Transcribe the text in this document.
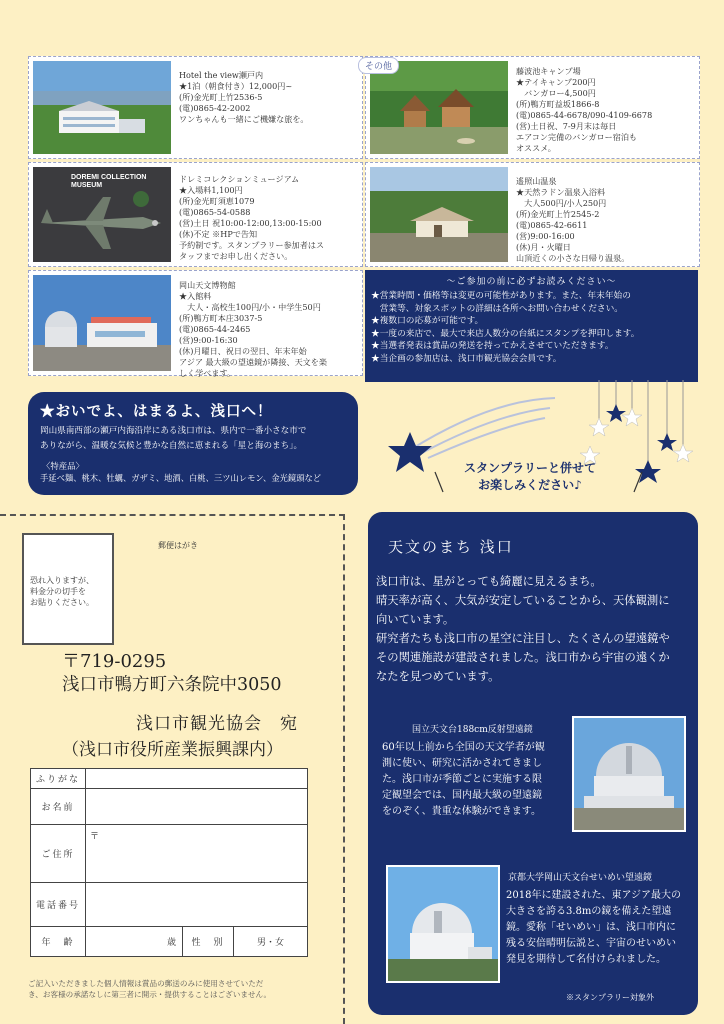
その他
Hotel the view瀬戸内
★1泊（朝食付き）12,000円~
(所)金光町上竹2536-5
(電)0865-42-2002
ワンちゃんも一緒にご機嫌な旅を。
藤波池キャンプ場
★テイキャンプ200円
　バンガロー4,500円
(所)鴨方町益坂1866-8
(電)0865-44-6678/090-4109-6678
(営)土日祝、7-9月末は毎日
エアコン完備のバンガロー宿泊も
オススメ。
DOREMI COLLECTION
MUSEUM
ドレミコレクションミュージアム
★入場料1,100円
(所)金光町須恵1079
(電)0865-54-0588
(営)土日 祝10:00-12:00,13:00-15:00
(休)不定 ※HPで告知
予約制です。スタンプラリー参加者はス
タッフまでお申し出ください。
遙照山温泉
★天然ラドン温泉入浴料
　大人500円/小人250円
(所)金光町上竹2545-2
(電)0865-42-6611
(営)9:00-16:00
(休)月・火曜日
山頂近くの小さな日帰り温泉。
岡山天文博物館
★入館料
　大人・高校生100円/小・中学生50円
(所)鴨方町本庄3037-5
(電)0865-44-2465
(営)9:00-16:30
(休)月曜日、祝日の翌日、年末年始
アジア 最大級の望遠鏡が隣接、天文を楽
しく学べます。
～ご参加の前に必ずお読みください～
★営業時間・価格等は変更の可能性があります。また、年末年始の
　営業等、対象スポットの詳細は各所へお問い合わせください。
★複数口の応募が可能です。
★一度の来店で、最大で来店人数分の台紙にスタンプを押印します。
★当選者発表は賞品の発送を持ってかえさせていただきます。
★当企画の参加店は、浅口市観光協会会員です。
★おいでよ、はまるよ、浅口へ！
岡山県南西部の瀬戸内海沿岸にある浅口市は、県内で一番小さな市で
ありながら、温暖な気候と豊かな自然に恵まれる「星と海のまち」。
〈特産品〉
手延べ麺、桃木、牡蠣、ガザミ、地酒、白桃、三ツ山レモン、金光鏡頭など
スタンプラリーと併せて
お楽しみください♪
恐れ入りますが、
料金分の切手を
お貼りください。
郵便はがき
〒719-0295
浅口市鴨方町六条院中3050
浅口市観光協会　宛
（浅口市役所産業振興課内）
ふりがな			
お名前			
ご住所	〒		
電話番号			
年　齢	歳	性　別	男・女
ご記入いただきました個人情報は賞品の郵送のみに使用させていただ
き、お客様の承諾なしに第三者に開示・提供することはございません。
天文のまち 浅口
浅口市は、星がとっても綺麗に見えるまち。
晴天率が高く、大気が安定していることから、天体観測に
向いています。
研究者たちも浅口市の星空に注目し、たくさんの望遠鏡や
その関連施設が建設されました。浅口市から宇宙の遠くか
なたを見つめています。
国立天文台188cm反射望遠鏡
60年以上前から全国の天文学者が観
測に使い、研究に活かされてきまし
た。浅口市が季節ごとに実施する限
定観望会では、国内最大級の望遠鏡
をのぞく、貴重な体験ができます。
京都大学岡山天文台せいめい望遠鏡
2018年に建設された、東アジア最大の
大きさを誇る3.8mの鏡を備えた望遠
鏡。愛称「せいめい」は、浅口市内に
残る安倍晴明伝説と、宇宙のせいめい
発見を期待して名付けられました。
※スタンプラリー対象外
